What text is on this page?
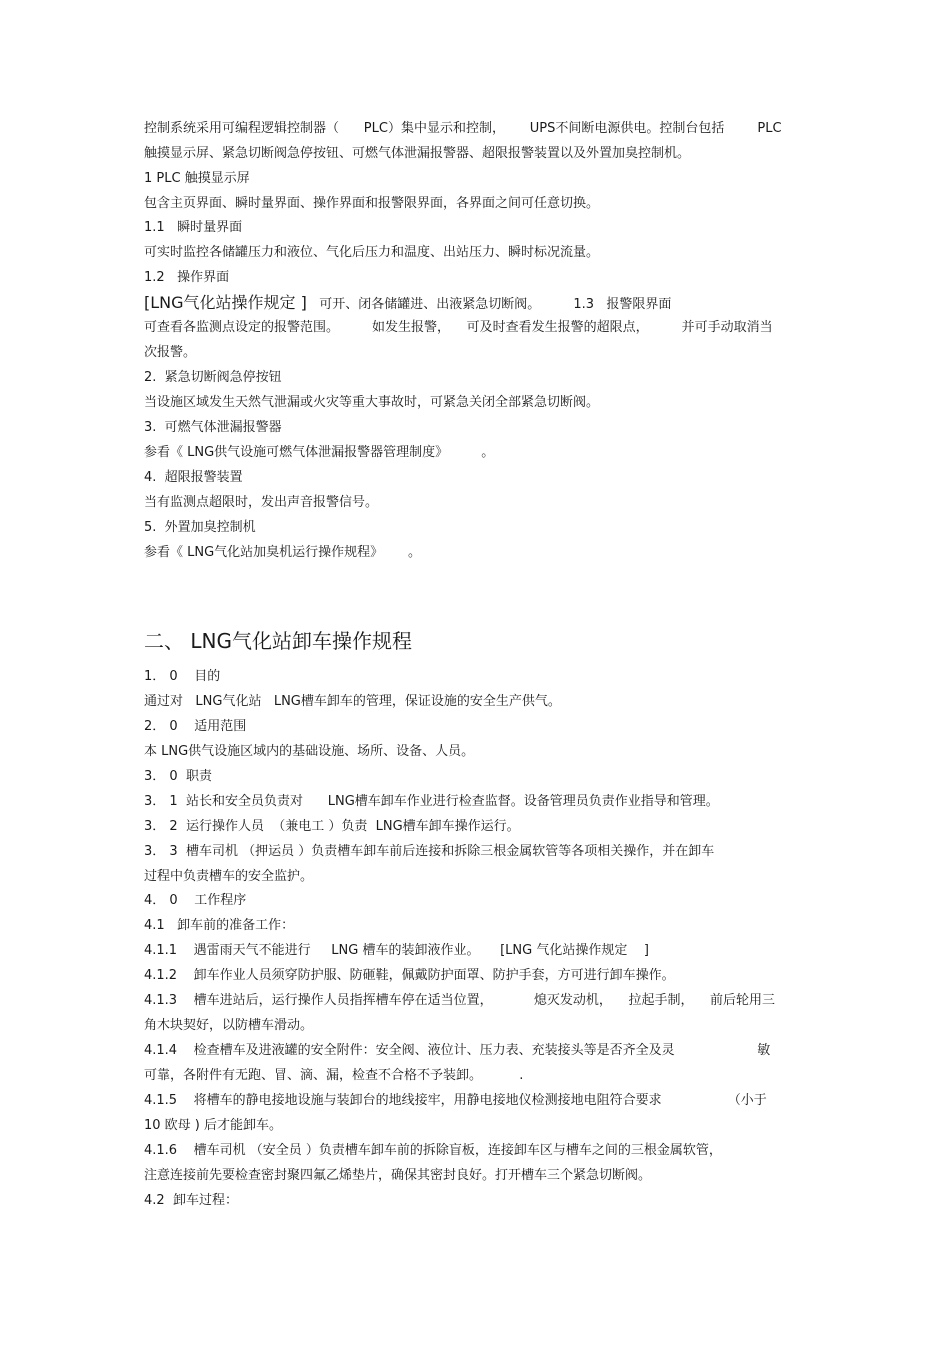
控制系统采用可编程逻辑控制器（      PLC）集中显示和控制，      UPS不间断电源供电。控制台包括        PLC
触摸显示屏、紧急切断阀急停按钮、可燃气体泄漏报警器、超限报警装置以及外置加臭控制机。
1 PLC 触摸显示屏
包含主页界面、瞬时量界面、操作界面和报警限界面，各界面之间可任意切换。
1.1   瞬时量界面
可实时监控各储罐压力和液位、气化后压力和温度、出站压力、瞬时标况流量。
1.2   操作界面
[LNG气化站操作规定 ]   可开、闭各储罐进、出液紧急切断阀。        1.3   报警限界面
可查看各监测点设定的报警范围。        如发生报警，    可及时查看发生报警的超限点，        并可手动取消当
次报警。
2.  紧急切断阀急停按钮
当设施区域发生天然气泄漏或火灾等重大事故时，可紧急关闭全部紧急切断阀。
3.  可燃气体泄漏报警器
参看《 LNG供气设施可燃气体泄漏报警器管理制度》        。
4.  超限报警装置
当有监测点超限时，发出声音报警信号。
5.  外置加臭控制机
参看《 LNG气化站加臭机运行操作规程》      。
二、 LNG气化站卸车操作规程
1． 0    目的
通过对   LNG气化站   LNG槽车卸车的管理，保证设施的安全生产供气。
2． 0    适用范围
本 LNG供气设施区域内的基础设施、场所、设备、人员。
3． 0  职责
3． 1  站长和安全员负责对      LNG槽车卸车作业进行检查监督。设备管理员负责作业指导和管理。
3． 2  运行操作人员  （兼电工 ）负责  LNG槽车卸车操作运行。
3． 3  槽车司机 （押运员 ）负责槽车卸车前后连接和拆除三根金属软管等各项相关操作，并在卸车
过程中负责槽车的安全监护。
4． 0    工作程序
4.1   卸车前的准备工作：
4.1.1    遇雷雨天气不能进行     LNG 槽车的装卸液作业。     [LNG 气化站操作规定    ]
4.1.2    卸车作业人员须穿防护服、防砸鞋，佩戴防护面罩、防护手套，方可进行卸车操作。
4.1.3    槽车进站后，运行操作人员指挥槽车停在适当位置，          熄灭发动机，    拉起手制，    前后轮用三
角木块契好，以防槽车滑动。
4.1.4    检查槽车及进液罐的安全附件：安全阀、液位计、压力表、充装接头等是否齐全及灵                    敏
可靠，各附件有无跑、冒、滴、漏，检查不合格不予装卸。         .
4.1.5    将槽车的静电接地设施与装卸台的地线接牢，用静电接地仪检测接地电阻符合要求                （小于
10 欧母 ) 后才能卸车。
4.1.6    槽车司机 （安全员 ）负责槽车卸车前的拆除盲板，连接卸车区与槽车之间的三根金属软管，
注意连接前先要检查密封聚四氟乙烯垫片，确保其密封良好。打开槽车三个紧急切断阀。
4.2  卸车过程：
